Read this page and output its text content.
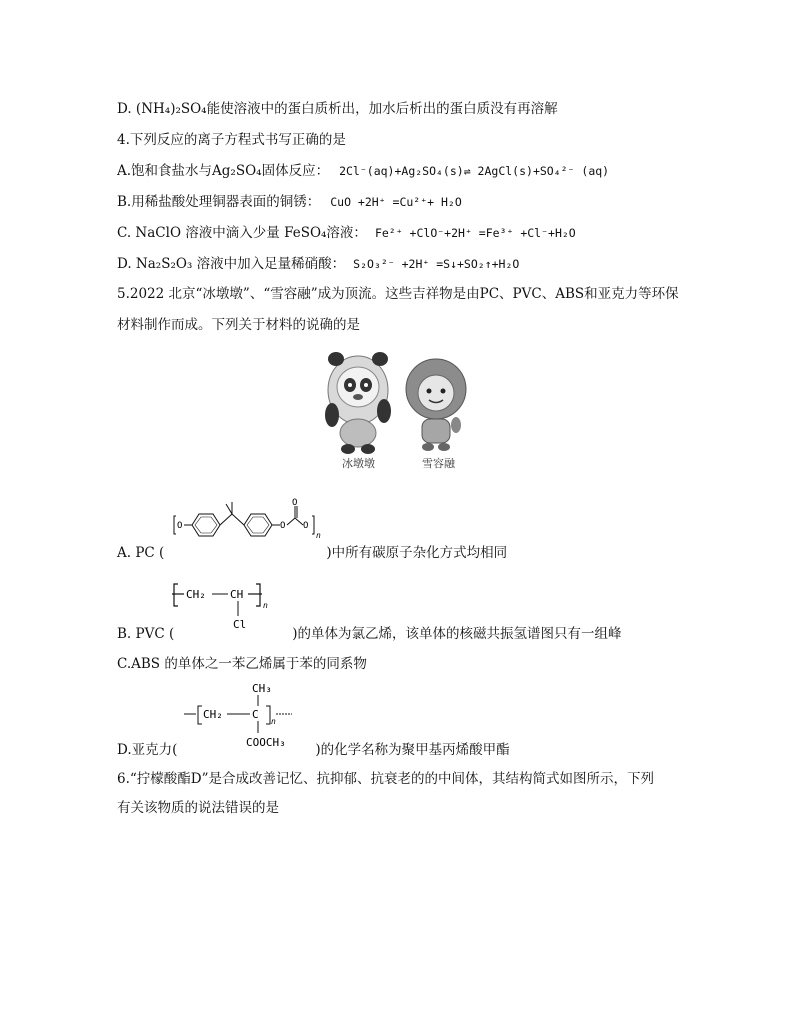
D. (NH₄)₂SO₄能使溶液中的蛋白质析出，加水后析出的蛋白质没有再溶解
4.下列反应的离子方程式书写正确的是
A.饱和食盐水与Ag₂SO₄固体反应： 2Cl⁻(aq)+Ag₂SO₄(s)⇌ 2AgCl(s)+SO₄²⁻ (aq)
B.用稀盐酸处理铜器表面的铜锈： CuO +2H⁺ =Cu²⁺+ H₂O
C. NaClO 溶液中滴入少量 FeSO₄溶液： Fe²⁺ +ClO⁻+2H⁺ =Fe³⁺ +Cl⁻+H₂O
D. Na₂S₂O₃ 溶液中加入足量稀硝酸： S₂O₃²⁻ +2H⁺ =S↓+SO₂↑+H₂O
5.2022 北京“冰墩墩”、“雪容融”成为顶流。这些吉祥物是由PC、PVC、ABS和亚克力等环保
材料制作而成。下列关于材料的说确的是
冰墩墩	雪容融
O	O
O
O
n
A. PC (	)中所有碳原子杂化方式均相同
CH₂ CH
Cl
n
B. PVC (	)的单体为氯乙烯，该单体的核磁共振氢谱图只有一组峰
C.ABS 的单体之一苯乙烯属于苯的同系物
CH₃
CH₂	C
n
COOCH₃
D.亚克力(	)的化学名称为聚甲基丙烯酸甲酯
6.“拧檬酸酯D”是合成改善记忆、抗抑郁、抗衰老的的中间体，其结构简式如图所示，下列
有关该物质的说法错误的是
